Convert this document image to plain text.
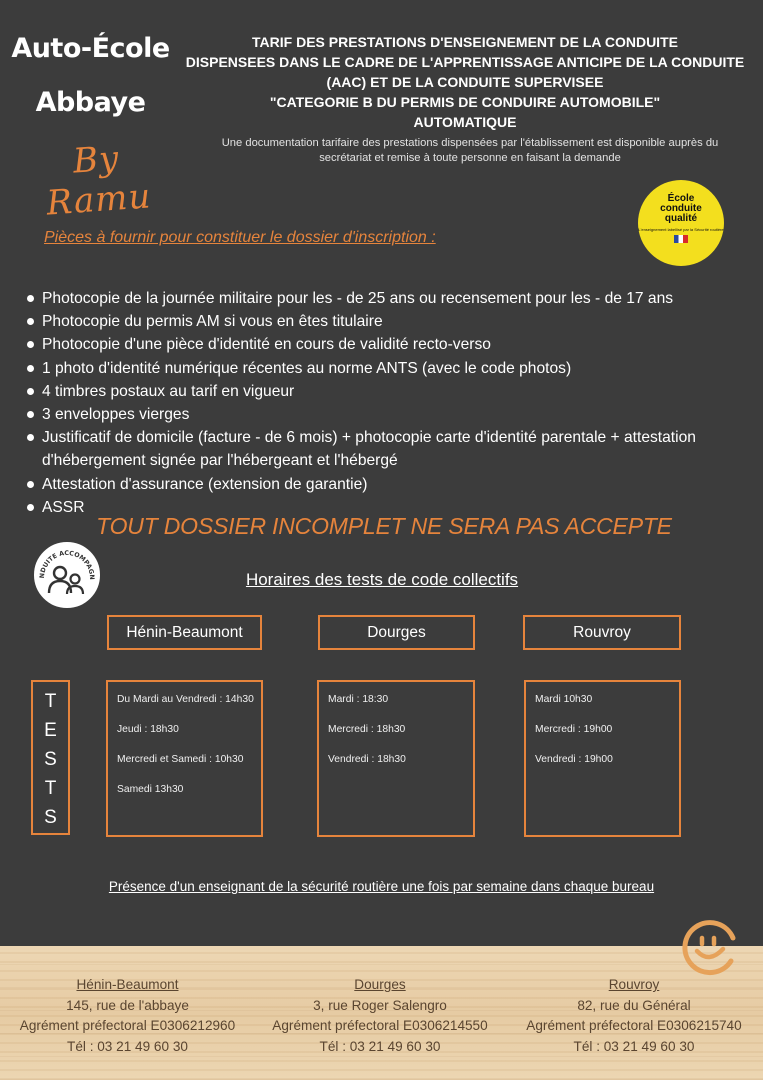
Auto-École
Abbaye
By Ramu
TARIF DES PRESTATIONS D'ENSEIGNEMENT DE LA CONDUITE
DISPENSEES DANS LE CADRE DE L'APPRENTISSAGE ANTICIPE DE LA CONDUITE
(AAC) ET DE LA CONDUITE SUPERVISEE
"CATEGORIE B DU PERMIS DE CONDUIRE AUTOMOBILE"
AUTOMATIQUE
Une documentation tarifaire des prestations dispensées par l'établissement est disponible auprès du
secrétariat et remise à toute personne en faisant la demande
École conduite qualité
L'enseignement labellisé par la Sécurité routière
Pièces à fournir pour constituer le dossier d'inscription :
Photocopie de la journée militaire pour les - de 25 ans ou recensement pour les - de 17 ans
Photocopie du permis AM si vous en êtes titulaire
Photocopie d'une pièce d'identité en cours de validité recto-verso
1 photo d'identité numérique récentes au norme ANTS (avec le code photos)
4 timbres postaux au tarif en vigueur
3 enveloppes vierges
Justificatif de domicile (facture - de 6 mois) + photocopie carte d'identité parentale + attestation d'hébergement signée par l'hébergeant et l'hébergé
Attestation d'assurance (extension de garantie)
ASSR
TOUT DOSSIER INCOMPLET NE SERA PAS ACCEPTE
NDUITE ACCOMPAGN	Horaires des tests de code collectifs
Hénin-Beaumont	Dourges	Rouvroy
T
E
S
T
S
Du Mardi au Vendredi : 14h30
Jeudi : 18h30
Mercredi et Samedi : 10h30
Samedi 13h30
Mardi : 18:30
Mercredi : 18h30
Vendredi : 18h30
Mardi 10h30
Mercredi : 19h00
Vendredi : 19h00
Présence d'un enseignant de la sécurité routière une fois par semaine dans chaque bureau
Hénin-Beaumont
145, rue de l'abbaye
Agrément préfectoral E0306212960
Tél : 03 21 49 60 30
Dourges
3, rue Roger Salengro
Agrément préfectoral E0306214550
Tél : 03 21 49 60 30
Rouvroy
82, rue du Général
Agrément préfectoral E0306215740
Tél : 03 21 49 60 30
